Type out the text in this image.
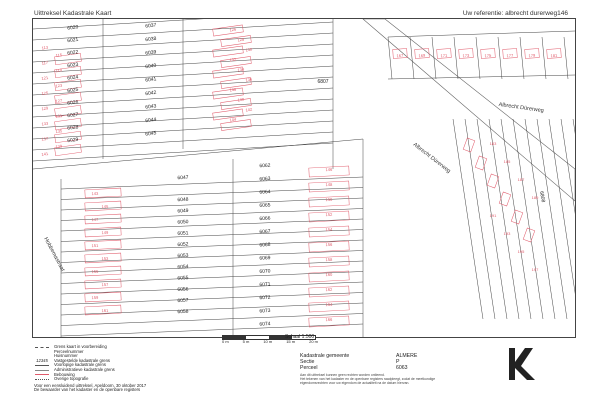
Uittreksel Kadastrale Kaart	Uw referentie: albrecht durerweg146
6020
6021
6022
6023
6024
6025
6026
6027
6028
6029
6037
6038
6039
6040
6041
6042
6043
6044
6045
6807
6808
6047
6048
6049
6050
6051
6052
6053
6054
6055
6056
6057
6058
6062
6063
6064
6065
6066
6067
6068
6069
6070
6071
6072
6073
6074
113
115
117
119
121
123
125
127
129
131
133
135
137
139
141
126
128
130
132
134
136
138
140
142
144
167	169	171	173	175	177	179	181
183
185
187
189
191
193
195
197
143
145
147
149
151
153
155
157
159
161
146
148
150
152
154
156
158
160
162
164
166
Albrecht Dürerweg
Albrecht Dürerweg
Hobbemastraat
0 m	5 m	10 m	15 m	20 m
Schaal 1:500
Grens kaart in voorbereiding
Perceelnummer
Huisnummer
12345	Vastgestelde kadastrale grens
Voorlopige kadastrale grens
Administratieve kadastrale grens
Bebouwing
Overige topografie
Voor een eensluidend uittreksel, Apeldoorn, 30 oktober 2017
De bewaarder van het kadaster en de openbare registers
Kadastrale gemeente	ALMERE
Sectie	P
Perceel	6063
Aan dit uittreksel kunnen geen rechten worden ontleend.
Het tekenen van het kadaster en de openbare registers raadpleegt, zodat de meetkundige
eigendomsrechten voor uw eigendom de actualiteit na de datum hiervan.
